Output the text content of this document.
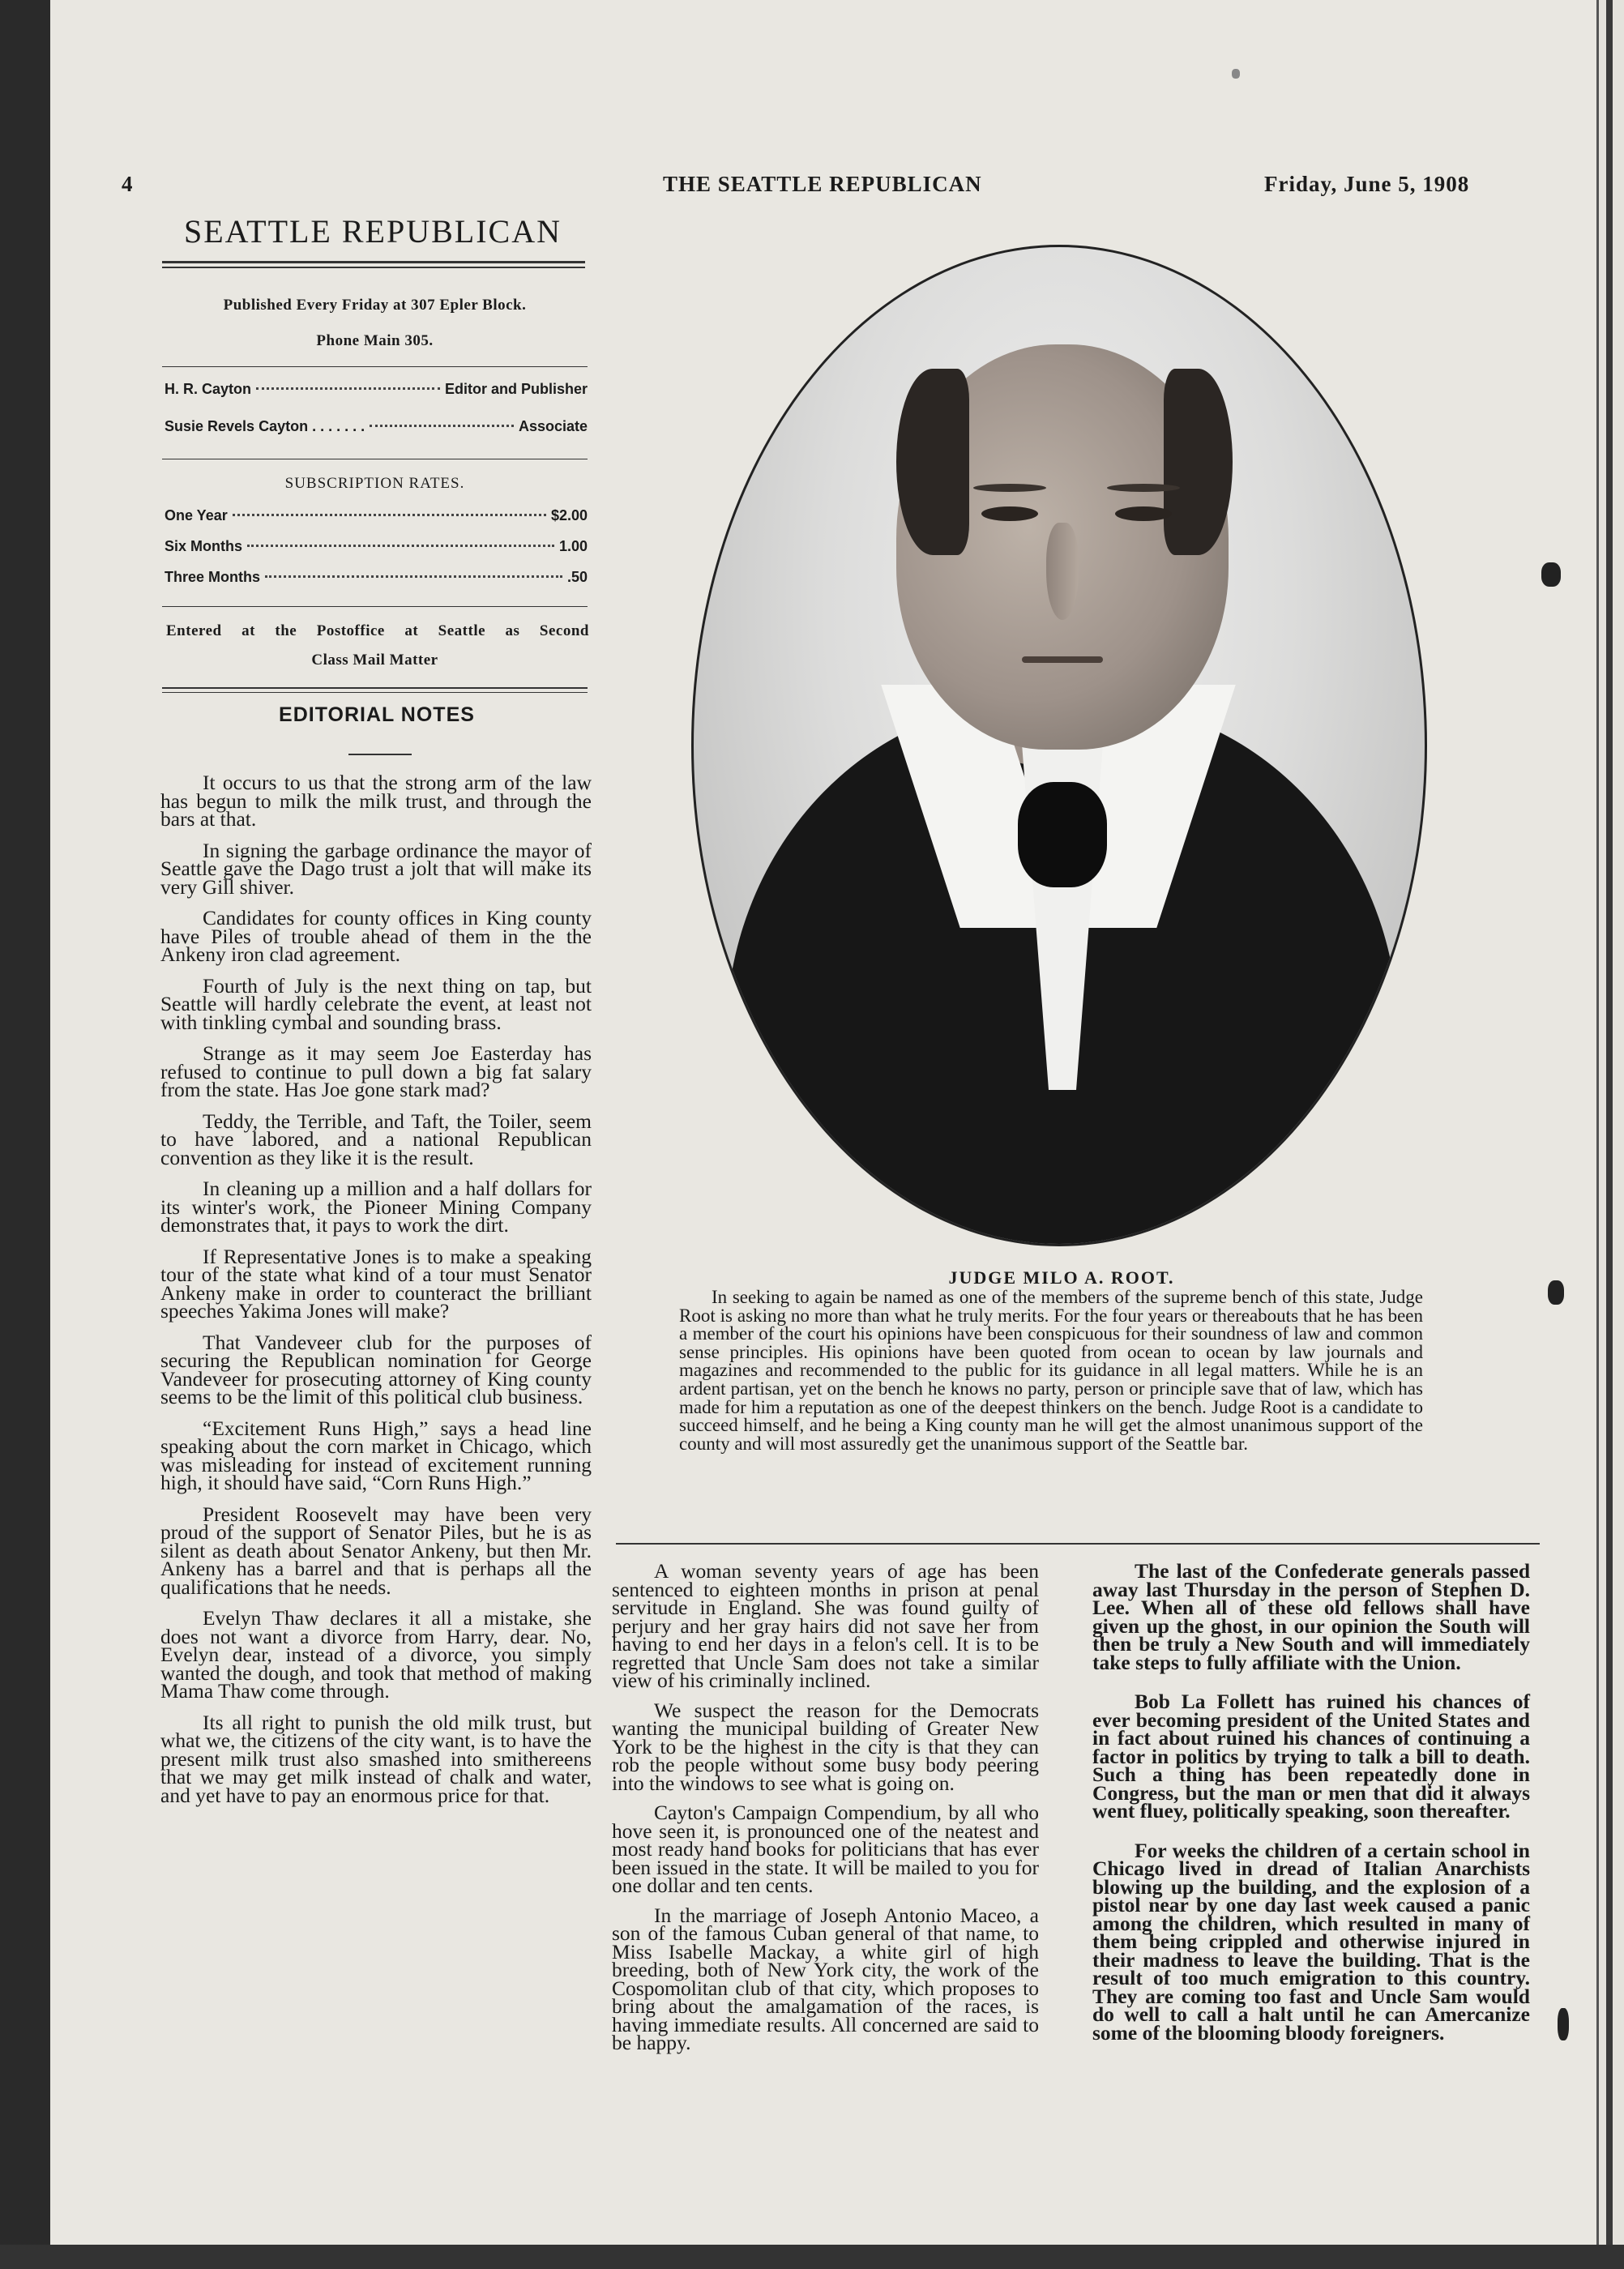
4	THE SEATTLE REPUBLICAN	Friday, June 5, 1908
SEATTLE REPUBLICAN
Published Every Friday at 307 Epler Block.
Phone Main 305.
H. R. Cayton	Editor and Publisher
Susie Revels Cayton . . . . . . .	Associate
SUBSCRIPTION RATES.
One Year	$2.00
Six Months	1.00
Three Months	.50
Entered at the Postoffice at Seattle as Second
Class Mail Matter
EDITORIAL NOTES

It occurs to us that the strong arm of the law has begun to milk the milk trust, and through the bars at that.

In signing the garbage ordinance the mayor of Seattle gave the Dago trust a jolt that will make its very Gill shiver.

Candidates for county offices in King county have Piles of trouble ahead of them in the the Ankeny iron clad agreement.

Fourth of July is the next thing on tap, but Seattle will hardly celebrate the event, at least not with tinkling cymbal and sounding brass.

Strange as it may seem Joe Easterday has refused to continue to pull down a big fat salary from the state. Has Joe gone stark mad?

Teddy, the Terrible, and Taft, the Toiler, seem to have labored, and a national Republican convention as they like it is the result.

In cleaning up a million and a half dollars for its winter's work, the Pioneer Mining Company demonstrates that, it pays to work the dirt.

If Representative Jones is to make a speaking tour of the state what kind of a tour must Senator Ankeny make in order to counteract the brilliant speeches Yakima Jones will make?

That Vandeveer club for the purposes of securing the Republican nomination for George Vandeveer for prosecuting attorney of King county seems to be the limit of this political club business.

“Excitement Runs High,” says a head line speaking about the corn market in Chicago, which was misleading for instead of excitement running high, it should have said, “Corn Runs High.”

President Roosevelt may have been very proud of the support of Senator Piles, but he is as silent as death about Senator Ankeny, but then Mr. Ankeny has a barrel and that is perhaps all the qualifications that he needs.

Evelyn Thaw declares it all a mistake, she does not want a divorce from Harry, dear. No, Evelyn dear, instead of a divorce, you simply wanted the dough, and took that method of making Mama Thaw come through.

Its all right to punish the old milk trust, but what we, the citizens of the city want, is to have the present milk trust also smashed into smithereens that we may get milk instead of chalk and water, and yet have to pay an enormous price for that.

JUDGE MILO A. ROOT.

In seeking to again be named as one of the members of the supreme bench of this state, Judge Root is asking no more than what he truly merits. For the four years or thereabouts that he has been a member of the court his opinions have been conspicuous for their soundness of law and common sense principles. His opinions have been quoted from ocean to ocean by law journals and magazines and recommended to the public for its guidance in all legal matters. While he is an ardent partisan, yet on the bench he knows no party, person or principle save that of law, which has made for him a reputation as one of the deepest thinkers on the bench. Judge Root is a candidate to succeed himself, and he being a King county man he will get the almost unanimous support of the county and will most assuredly get the unanimous support of the Seattle bar.

A woman seventy years of age has been sentenced to eighteen months in prison at penal servitude in England. She was found guilty of perjury and her gray hairs did not save her from having to end her days in a felon's cell. It is to be regretted that Uncle Sam does not take a similar view of his criminally inclined.

We suspect the reason for the Democrats wanting the municipal building of Greater New York to be the highest in the city is that they can rob the people without some busy body peering into the windows to see what is going on.

Cayton's Campaign Compendium, by all who hove seen it, is pronounced one of the neatest and most ready hand books for politicians that has ever been issued in the state. It will be mailed to you for one dollar and ten cents.

In the marriage of Joseph Antonio Maceo, a son of the famous Cuban general of that name, to Miss Isabelle Mackay, a white girl of high breeding, both of New York city, the work of the Cospomolitan club of that city, which proposes to bring about the amalgamation of the races, is having immediate results. All concerned are said to be happy.

The last of the Confederate generals passed away last Thursday in the person of Stephen D. Lee. When all of these old fellows shall have given up the ghost, in our opinion the South will then be truly a New South and will immediately take steps to fully affiliate with the Union.

Bob La Follett has ruined his chances of ever becoming president of the United States and in fact about ruined his chances of continuing a factor in politics by trying to talk a bill to death. Such a thing has been repeatedly done in Congress, but the man or men that did it always went fluey, politically speaking, soon thereafter.

For weeks the children of a certain school in Chicago lived in dread of Italian Anarchists blowing up the building, and the explosion of a pistol near by one day last week caused a panic among the children, which resulted in many of them being crippled and otherwise injured in their madness to leave the building. That is the result of too much emigration to this country. They are coming too fast and Uncle Sam would do well to call a halt until he can Amercanize some of the blooming bloody foreigners.
